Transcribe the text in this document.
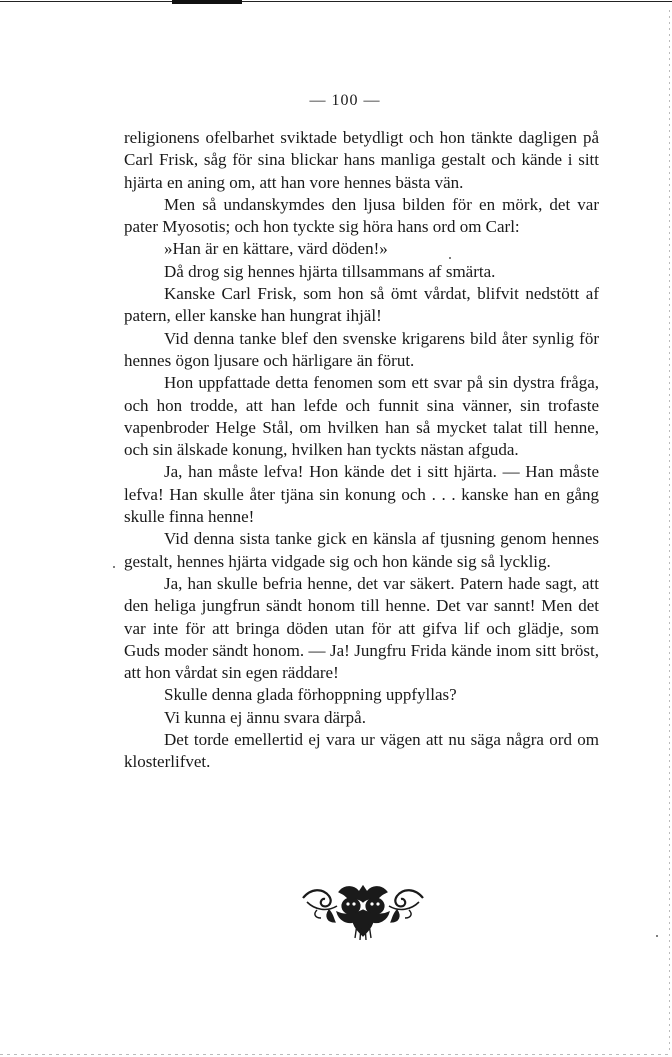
— 100 —

religionens ofelbarhet sviktade betydligt och hon tänkte dagligen på Carl Frisk, såg för sina blickar hans manliga gestalt och kände i sitt hjärta en aning om, att han vore hennes bästa vän.

Men så undanskymdes den ljusa bilden för en mörk, det var pater Myosotis; och hon tyckte sig höra hans ord om Carl:

»Han är en kättare, värd döden!»

Då drog sig hennes hjärta tillsammans af smärta.

Kanske Carl Frisk, som hon så ömt vårdat, blifvit nedstött af patern, eller kanske han hungrat ihjäl!

Vid denna tanke blef den svenske krigarens bild åter synlig för hennes ögon ljusare och härligare än förut.

Hon uppfattade detta fenomen som ett svar på sin dystra fråga, och hon trodde, att han lefde och funnit sina vänner, sin trofaste vapenbroder Helge Stål, om hvilken han så mycket talat till henne, och sin älskade konung, hvilken han tyckts nästan afguda.

Ja, han måste lefva! Hon kände det i sitt hjärta. — Han måste lefva! Han skulle åter tjäna sin konung och . . . kanske han en gång skulle finna henne!

Vid denna sista tanke gick en känsla af tjusning genom hennes gestalt, hennes hjärta vidgade sig och hon kände sig så lycklig.

Ja, han skulle befria henne, det var säkert. Patern hade sagt, att den heliga jungfrun sändt honom till henne. Det var sannt! Men det var inte för att bringa döden utan för att gifva lif och glädje, som Guds moder sändt honom. — Ja! Jungfru Frida kände inom sitt bröst, att hon vårdat sin egen räddare!

Skulle denna glada förhoppning uppfyllas?

Vi kunna ej ännu svara därpå.

Det torde emellertid ej vara ur vägen att nu säga några ord om klosterlifvet.
